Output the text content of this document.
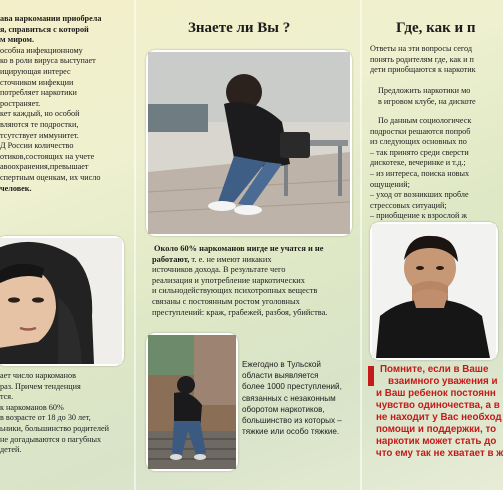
ава наркомании приобрела

я, справиться с которой

м миром.

особна инфекционному

ко в роли вируса выступает

ицирующая интерес

сточником инфекции

потребляет наркотики

ространяет.

кет каждый, но особой

вляются те подростки,

тсутствует иммунитет.

Д России количество

отиков,состоящих на учете

авоохранения,превышает

спертным оценкам, их число

человек.

ает число наркоманов

раз. Причем тенденция

тся.

к наркоманов 60%

в возрасте от 18 до 30 лет,

ьники, большинство родителей

не догадываются о пагубных

детей.

Знаете ли Вы ?

Около 60% наркоманов нигде не учатся и не работают, т. е. не имеют никаких

источников дохода. В результате чего

реализация и употребление наркотических

и сильнодействующих психотропных веществ

связаны с постоянным ростом уголовных

преступлений: краж, грабежей, разбоя, убийства.

Ежегодно в Тульской

области выявляется

более 1000 преступлений,

связанных с незаконным

оборотом наркотиков,

большинство из которых –

тяжкие или особо тяжкие.

Где, как и п

Ответы на эти вопросы сегод

понять родителям где, как и п

дети приобщаются к наркотик

Предложить наркотики мо

в игровом клубе, на дискоте

По данным социологическ

подростки решаются попроб

из следующих основных по

– так принято среди сверсти

дискотеке, вечеринке и т.д.;

– из интереса, поиска новых

ощущений;

– уход от возникших пробле

стрессовых ситуаций;

– приобщение к взрослой ж

Помните, если в Ваше

взаимного уважения и

и Ваш ребенок постоянн

чувство одиночества, а в

не находит у Вас необход

помощи и поддержки, то

наркотик может стать до

что ему так не хватает в ж
